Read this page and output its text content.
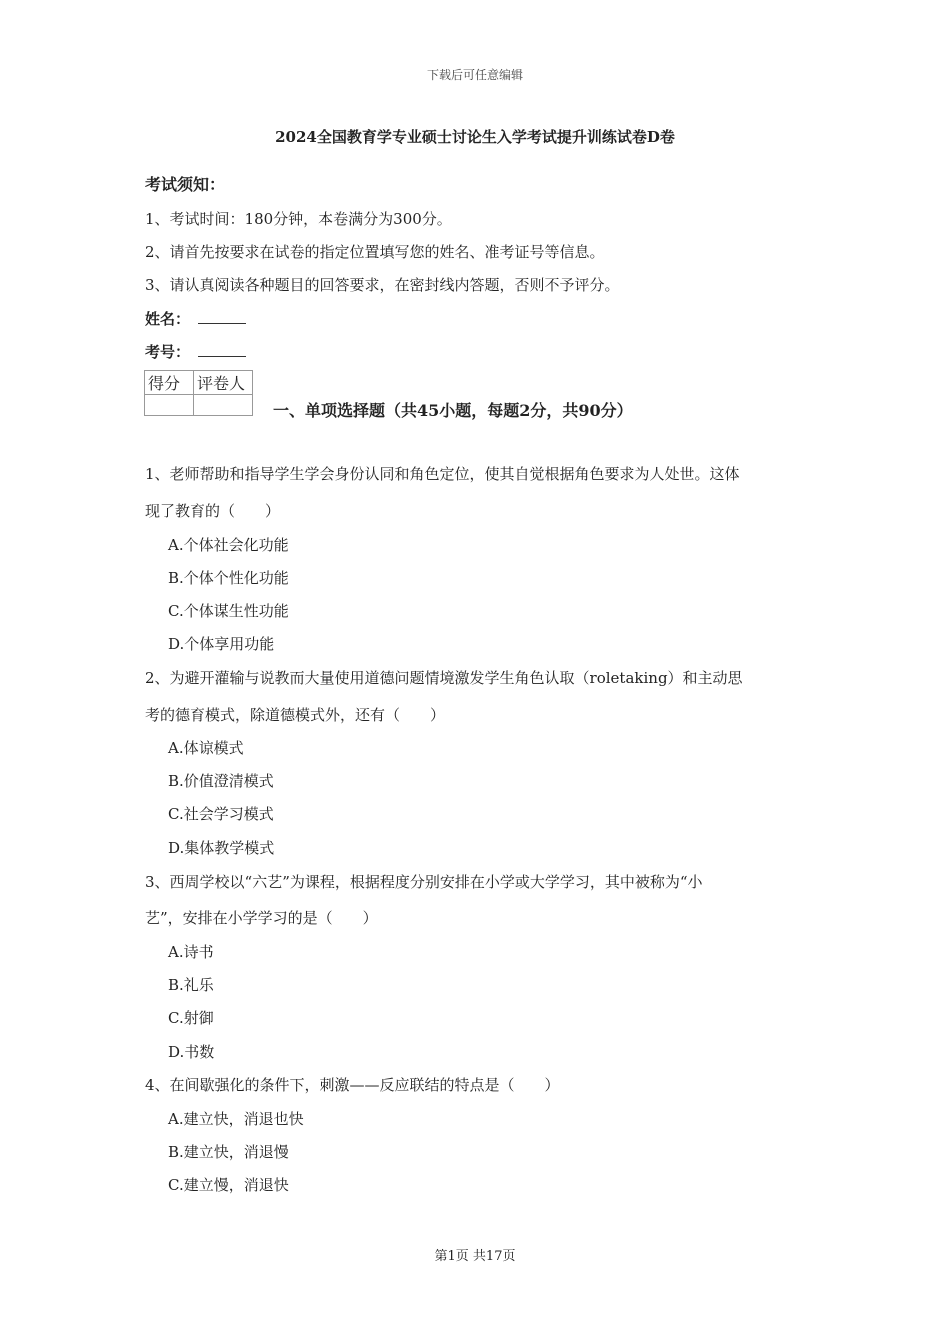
下载后可任意编辑
2024全国教育学专业硕士讨论生入学考试提升训练试卷D卷
考试须知：
1、考试时间：180分钟，本卷满分为300分。
2、请首先按要求在试卷的指定位置填写您的姓名、准考证号等信息。
3、请认真阅读各种题目的回答要求，在密封线内答题，否则不予评分。
姓名：
考号：
得分	评卷人

一、单项选择题（共45小题，每题2分，共90分）
1、老师帮助和指导学生学会身份认同和角色定位，使其自觉根据角色要求为人处世。这体
现了教育的（　　）
A.个体社会化功能
B.个体个性化功能
C.个体谋生性功能
D.个体享用功能
2、为避开灌输与说教而大量使用道德问题情境激发学生角色认取（roletaking）和主动思
考的德育模式，除道德模式外，还有（　　）
A.体谅模式
B.价值澄清模式
C.社会学习模式
D.集体教学模式
3、西周学校以“六艺”为课程，根据程度分别安排在小学或大学学习，其中被称为“小
艺”，安排在小学学习的是（　　）
A.诗书
B.礼乐
C.射御
D.书数
4、在间歇强化的条件下，刺激——反应联结的特点是（　　）
A.建立快，消退也快
B.建立快，消退慢
C.建立慢，消退快
第1页 共17页
